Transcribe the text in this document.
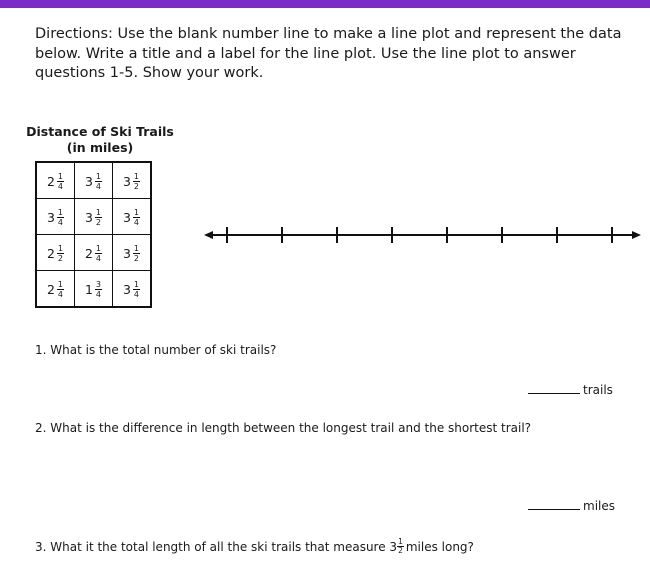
Directions: Use the blank number line to make a line plot and represent the data below. Write a title and a label for the line plot. Use the line plot to answer questions 1-5. Show your work.

Distance of Ski Trails
(in miles)
$2 \frac{1}{4}$	$3 \frac{1}{4}$	$3 \frac{1}{2}$

$3 \frac{1}{4}$	$3 \frac{1}{2}$	$3 \frac{1}{4}$

$2 \frac{1}{2}$	$2 \frac{1}{4}$	$3 \frac{1}{2}$

$2 \frac{1}{4}$	$1 \frac{3}{4}$	$3 \frac{1}{4}$
1. What is the total number of ski trails?
trails
2. What is the difference in length between the longest trail and the shortest trail?
miles
3. What it the total length of all the ski trails that measure $3 \frac{1}{2}$ miles long?
